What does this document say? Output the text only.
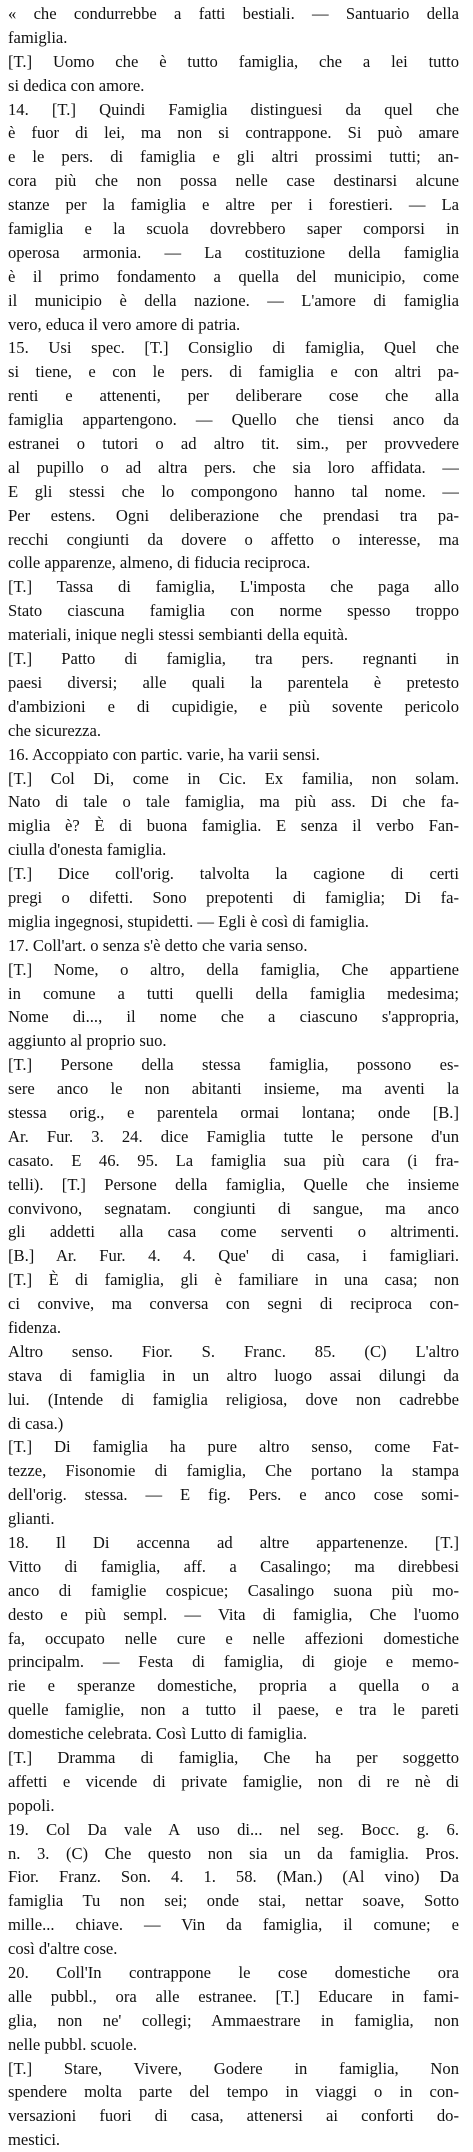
« che condurrebbe a fatti bestiali. — Santuario della
famiglia.
[T.] Uomo che è tutto famiglia, che a lei tutto
si dedica con amore.
14. [T.] Quindi Famiglia distinguesi da quel che
è fuor di lei, ma non si contrappone. Si può amare
e le pers. di famiglia e gli altri prossimi tutti; an-
cora più che non possa nelle case destinarsi alcune
stanze per la famiglia e altre per i forestieri. — La
famiglia e la scuola dovrebbero saper comporsi in
operosa armonia. — La costituzione della famiglia
è il primo fondamento a quella del municipio, come
il municipio è della nazione. — L'amore di famiglia
vero, educa il vero amore di patria.
15. Usi spec. [T.] Consiglio di famiglia, Quel che
si tiene, e con le pers. di famiglia e con altri pa-
renti e attenenti, per deliberare cose che alla
famiglia appartengono. — Quello che tiensi anco da
estranei o tutori o ad altro tit. sim., per provvedere
al pupillo o ad altra pers. che sia loro affidata. —
E gli stessi che lo compongono hanno tal nome. —
Per estens. Ogni deliberazione che prendasi tra pa-
recchi congiunti da dovere o affetto o interesse, ma
colle apparenze, almeno, di fiducia reciproca.
[T.] Tassa di famiglia, L'imposta che paga allo
Stato ciascuna famiglia con norme spesso troppo
materiali, inique negli stessi sembianti della equità.
[T.] Patto di famiglia, tra pers. regnanti in
paesi diversi; alle quali la parentela è pretesto
d'ambizioni e di cupidigie, e più sovente pericolo
che sicurezza.
16. Accoppiato con partic. varie, ha varii sensi.
[T.] Col Di, come in Cic. Ex familia, non solam.
Nato di tale o tale famiglia, ma più ass. Di che fa-
miglia è? È di buona famiglia. E senza il verbo Fan-
ciulla d'onesta famiglia.
[T.] Dice coll'orig. talvolta la cagione di certi
pregi o difetti. Sono prepotenti di famiglia; Di fa-
miglia ingegnosi, stupidetti. — Egli è così di famiglia.
17. Coll'art. o senza s'è detto che varia senso.
[T.] Nome, o altro, della famiglia, Che appartiene
in comune a tutti quelli della famiglia medesima;
Nome di..., il nome che a ciascuno s'appropria,
aggiunto al proprio suo.
[T.] Persone della stessa famiglia, possono es-
sere anco le non abitanti insieme, ma aventi la
stessa orig., e parentela ormai lontana; onde [B.]
Ar. Fur. 3. 24. dice Famiglia tutte le persone d'un
casato. E 46. 95. La famiglia sua più cara (i fra-
telli). [T.] Persone della famiglia, Quelle che insieme
convivono, segnatam. congiunti di sangue, ma anco
gli addetti alla casa come serventi o altrimenti.
[B.] Ar. Fur. 4. 4. Que' di casa, i famigliari.
[T.] È di famiglia, gli è familiare in una casa; non
ci convive, ma conversa con segni di reciproca con-
fidenza.
Altro senso. Fior. S. Franc. 85. (C) L'altro
stava di famiglia in un altro luogo assai dilungi da
lui. (Intende di famiglia religiosa, dove non cadrebbe
di casa.)
[T.] Di famiglia ha pure altro senso, come Fat-
tezze, Fisonomie di famiglia, Che portano la stampa
dell'orig. stessa. — E fig. Pers. e anco cose somi-
glianti.
18. Il Di accenna ad altre appartenenze. [T.]
Vitto di famiglia, aff. a Casalingo; ma direbbesi
anco di famiglie cospicue; Casalingo suona più mo-
desto e più sempl. — Vita di famiglia, Che l'uomo
fa, occupato nelle cure e nelle affezioni domestiche
principalm. — Festa di famiglia, di gioje e memo-
rie e speranze domestiche, propria a quella o a
quelle famiglie, non a tutto il paese, e tra le pareti
domestiche celebrata. Così Lutto di famiglia.
[T.] Dramma di famiglia, Che ha per soggetto
affetti e vicende di private famiglie, non di re nè di
popoli.
19. Col Da vale A uso di... nel seg. Bocc. g. 6.
n. 3. (C) Che questo non sia un da famiglia. Pros.
Fior. Franz. Son. 4. 1. 58. (Man.) (Al vino) Da
famiglia Tu non sei; onde stai, nettar soave, Sotto
mille... chiave. — Vin da famiglia, il comune; e
così d'altre cose.
20. Coll'In contrappone le cose domestiche ora
alle pubbl., ora alle estranee. [T.] Educare in fami-
glia, non ne' collegi; Ammaestrare in famiglia, non
nelle pubbl. scuole.
[T.] Stare, Vivere, Godere in famiglia, Non
spendere molta parte del tempo in viaggi o in con-
versazioni fuori di casa, attenersi ai conforti do-
mestici.
